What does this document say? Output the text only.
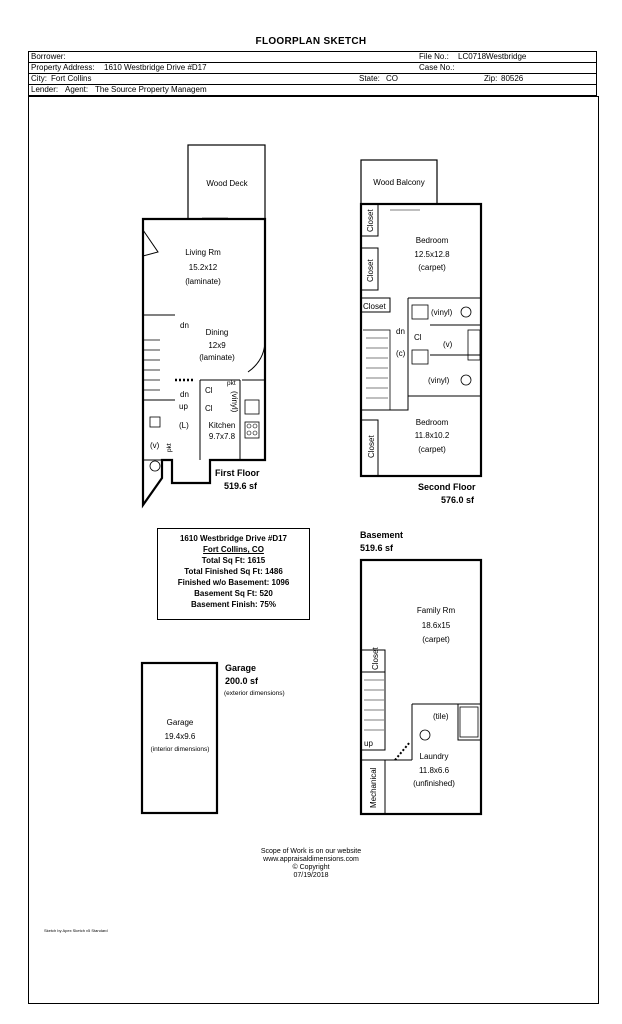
FLOORPLAN SKETCH
Borrower:	File No.: LC0718Westbridge
Property Address: 1610 Westbridge Drive #D17	Case No.:
City: Fort Collins	State: CO	Zip: 80526
Lender: Agent: The Source Property Managem
Wood Deck
Living Rm
15.2x12
(laminate)
Dining
12x9
(laminate)
dn
dn
up
Cl
Cl
pkt
pkt
(vinyl)
Kitchen
9.7x7.8
(v)
(L)
First Floor
519.6 sf
Wood Balcony
Bedroom
12.5x12.8
(carpet)
Bedroom
11.8x10.2
(carpet)
Closet
Closet
Closet
Closet
(vinyl)
(vinyl)
(v)
(c)
Cl
dn
Second Floor
576.0 sf
Basement
519.6 sf
Family Rm
18.6x15
(carpet)
Closet
(tile)
up
Laundry
11.8x6.6
(unfinished)
Mechanical
Garage
200.0 sf
(exterior dimensions)
Garage
19.4x9.6
(interior dimensions)
1610 Westbridge Drive #D17
Fort Collins, CO
Total Sq Ft: 1615
Total Finished Sq Ft: 1486
Finished w/o Basement: 1096
Basement Sq Ft: 520
Basement Finish: 75%
Scope of Work is on our website
www.appraisaldimensions.com
© Copyright
07/19/2018
Sketch by Apex Sketch v5 Standard
